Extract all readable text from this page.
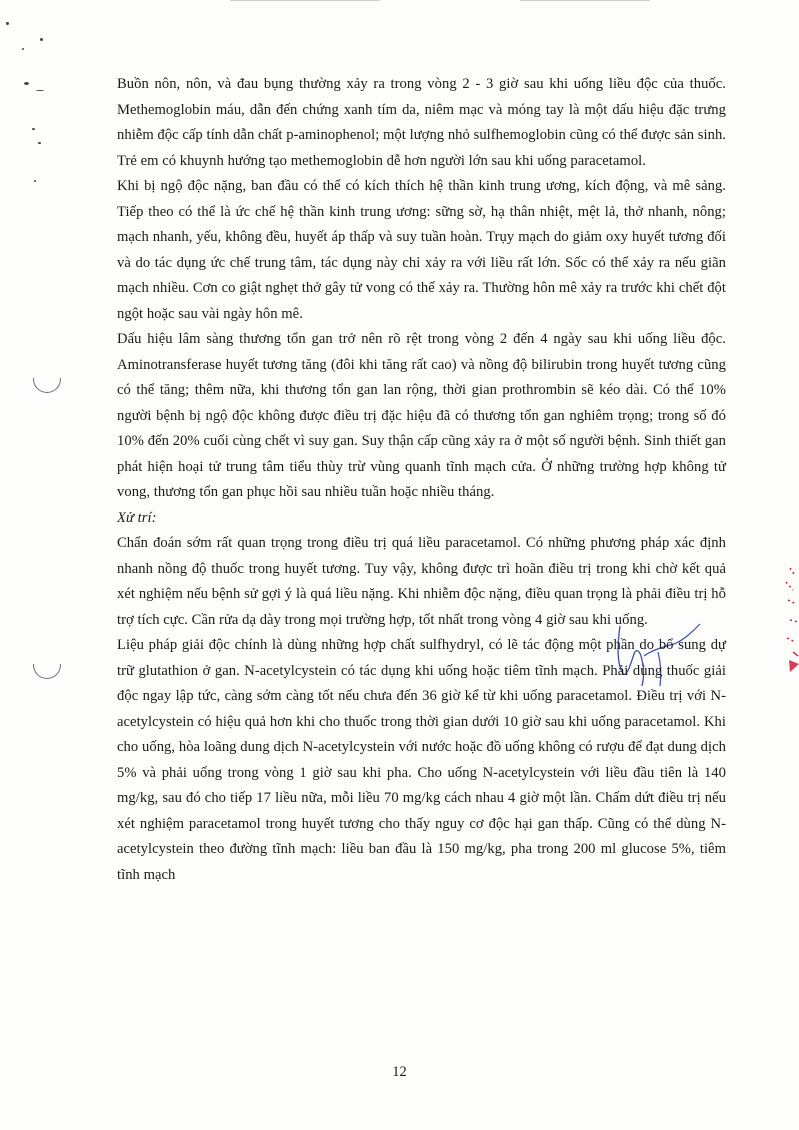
Buồn nôn, nôn, và đau bụng thường xảy ra trong vòng 2 - 3 giờ sau khi uống liều độc của thuốc. Methemoglobin máu, dẫn đến chứng xanh tím da, niêm mạc và móng tay là một dấu hiệu đặc trưng nhiễm độc cấp tính dẫn chất p-aminophenol; một lượng nhỏ sulfhemoglobin cũng có thể được sản sinh. Trẻ em có khuynh hướng tạo methemoglobin dễ hơn người lớn sau khi uống paracetamol.

Khi bị ngộ độc nặng, ban đầu có thể có kích thích hệ thần kinh trung ương, kích động, và mê sảng. Tiếp theo có thể là ức chế hệ thần kinh trung ương: sững sờ, hạ thân nhiệt, mệt lả, thở nhanh, nông; mạch nhanh, yếu, không đều, huyết áp thấp và suy tuần hoàn. Trụy mạch do giảm oxy huyết tương đối và do tác dụng ức chế trung tâm, tác dụng này chỉ xảy ra với liều rất lớn. Sốc có thể xảy ra nếu giãn mạch nhiều. Cơn co giật nghẹt thở gây tử vong có thể xảy ra. Thường hôn mê xảy ra trước khi chết đột ngột hoặc sau vài ngày hôn mê.

Dấu hiệu lâm sàng thương tổn gan trở nên rõ rệt trong vòng 2 đến 4 ngày sau khi uống liều độc. Aminotransferase huyết tương tăng (đôi khi tăng rất cao) và nồng độ bilirubin trong huyết tương cũng có thể tăng; thêm nữa, khi thương tổn gan lan rộng, thời gian prothrombin sẽ kéo dài. Có thể 10% người bệnh bị ngộ độc không được điều trị đặc hiệu đã có thương tổn gan nghiêm trọng; trong số đó 10% đến 20% cuối cùng chết vì suy gan. Suy thận cấp cũng xảy ra ở một số người bệnh. Sinh thiết gan phát hiện hoại tử trung tâm tiểu thùy trừ vùng quanh tĩnh mạch cửa. Ở những trường hợp không tử vong, thương tổn gan phục hồi sau nhiều tuần hoặc nhiều tháng.

Xử trí:

Chẩn đoán sớm rất quan trọng trong điều trị quá liều paracetamol. Có những phương pháp xác định nhanh nồng độ thuốc trong huyết tương. Tuy vậy, không được trì hoãn điều trị trong khi chờ kết quả xét nghiệm nếu bệnh sử gợi ý là quá liều nặng. Khi nhiễm độc nặng, điều quan trọng là phải điều trị hỗ trợ tích cực. Cần rửa dạ dày trong mọi trường hợp, tốt nhất trong vòng 4 giờ sau khi uống.

Liệu pháp giải độc chính là dùng những hợp chất sulfhydryl, có lẽ tác động một phần do bổ sung dự trữ glutathion ở gan. N-acetylcystein có tác dụng khi uống hoặc tiêm tĩnh mạch. Phải dùng thuốc giải độc ngay lập tức, càng sớm càng tốt nếu chưa đến 36 giờ kể từ khi uống paracetamol. Điều trị với N-acetylcystein có hiệu quả hơn khi cho thuốc trong thời gian dưới 10 giờ sau khi uống paracetamol. Khi cho uống, hòa loãng dung dịch N-acetylcystein với nước hoặc đồ uống không có rượu để đạt dung dịch 5% và phải uống trong vòng 1 giờ sau khi pha. Cho uống N-acetylcystein với liều đầu tiên là 140 mg/kg, sau đó cho tiếp 17 liều nữa, mỗi liều 70 mg/kg cách nhau 4 giờ một lần. Chấm dứt điều trị nếu xét nghiệm paracetamol trong huyết tương cho thấy nguy cơ độc hại gan thấp. Cũng có thể dùng N-acetylcystein theo đường tĩnh mạch: liều ban đầu là 150 mg/kg, pha trong 200 ml glucose 5%, tiêm tĩnh mạch

12
